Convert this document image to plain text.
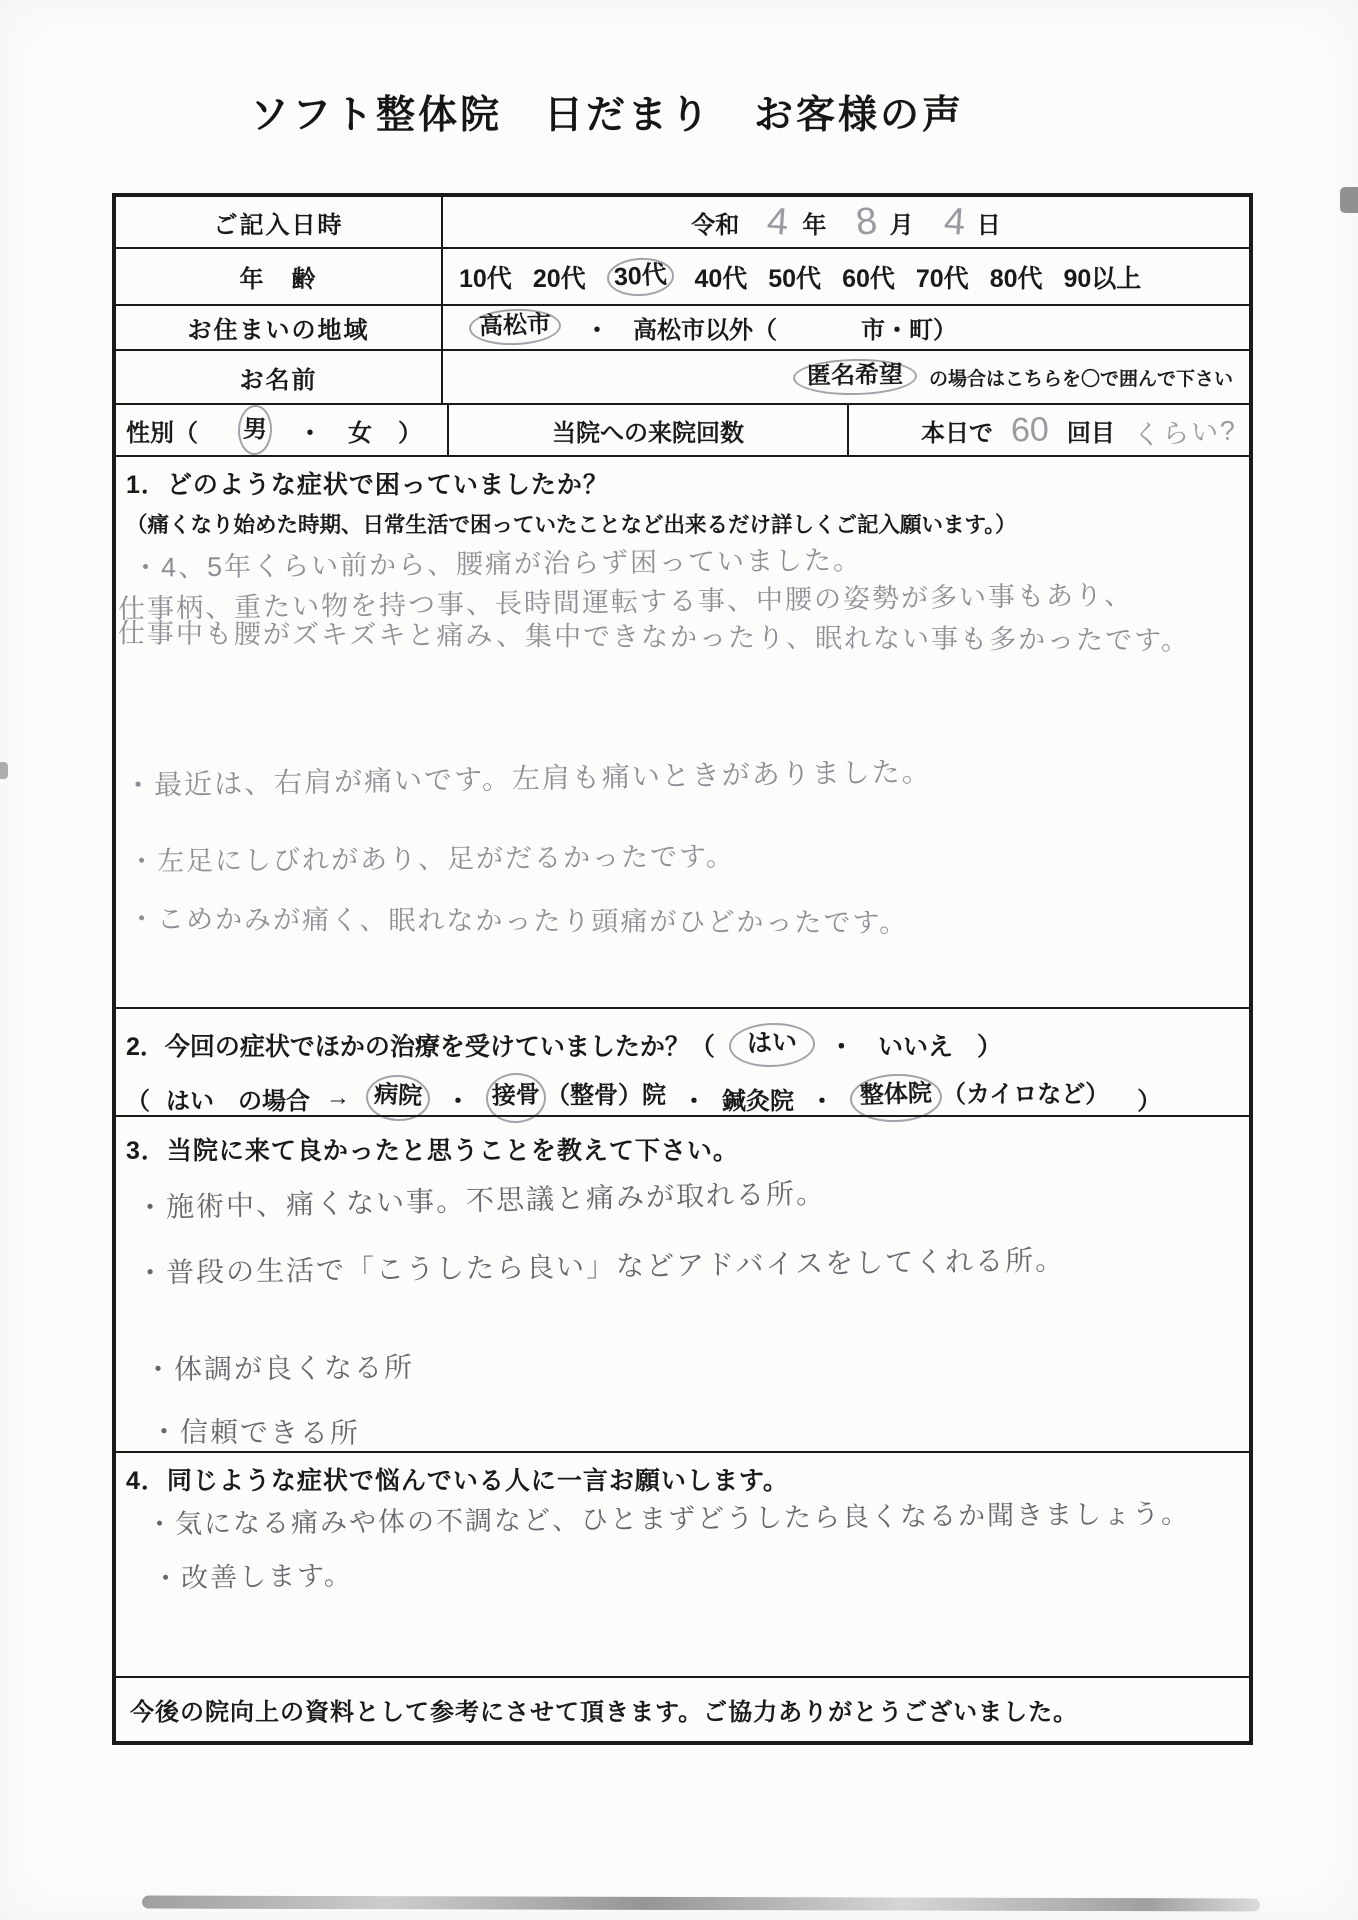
ソフト整体院　日だまり　お客様の声
ご記入日時	令和 4 年 8 月 4 日
年　齢	10代 20代 30代 40代 50代 60代 70代 80代 90以上
お住まいの地域	高松市	・ 高松市以外（	市・町）
お名前	匿名希望	の場合はこちらを〇で囲んで下さい
性別（ 男 ・ 女 ）	当院への来院回数	本日で 60 回目 くらい?
1．どのような症状で困っていましたか？
（痛くなり始めた時期、日常生活で困っていたことなど出来るだけ詳しくご記入願います。）
・4、5年くらい前から、腰痛が治らず困っていました。
仕事柄、重たい物を持つ事、長時間運転する事、中腰の姿勢が多い事もあり、
仕事中も腰がズキズキと痛み、集中できなかったり、眠れない事も多かったです。
・最近は、右肩が痛いです。左肩も痛いときがありました。
・左足にしびれがあり、足がだるかったです。
・こめかみが痛く、眠れなかったり頭痛がひどかったです。
2．今回の症状でほかの治療を受けていましたか？（	はい	・ いいえ ）
（ はい　の場合 → 病院 ・ 接骨 （整骨）院 ・ 鍼灸院 ・	整体院 （カイロなど） ）
3．当院に来て良かったと思うことを教えて下さい。
・施術中、痛くない事。不思議と痛みが取れる所。
・普段の生活で「こうしたら良い」などアドバイスをしてくれる所。
・体調が良くなる所
・信頼できる所
4．同じような症状で悩んでいる人に一言お願いします。
・気になる痛みや体の不調など、ひとまずどうしたら良くなるか聞きましょう。
・改善します。
今後の院向上の資料として参考にさせて頂きます。ご協力ありがとうございました。
